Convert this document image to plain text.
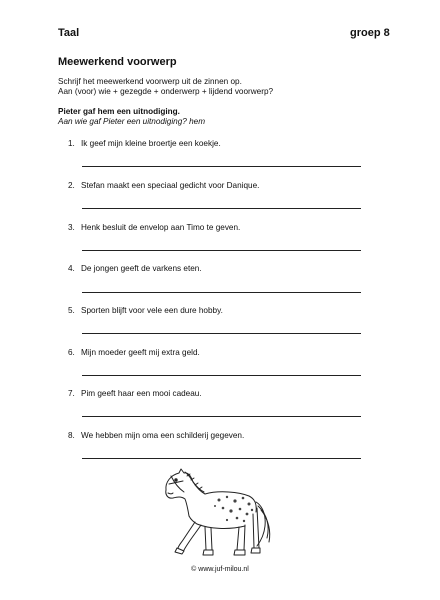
Taal	groep 8
Meewerkend voorwerp
Schrijf het meewerkend voorwerp uit de zinnen op.
Aan (voor) wie + gezegde + onderwerp + lijdend voorwerp?
Pieter gaf hem een uitnodiging.
Aan wie gaf Pieter een uitnodiging? hem
1. Ik geef mijn kleine broertje een koekje.
2. Stefan maakt een speciaal gedicht voor Danique.
3. Henk besluit de envelop aan Timo te geven.
4. De jongen geeft de varkens eten.
5. Sporten blijft voor vele een dure hobby.
6. Mijn moeder geeft mij extra geld.
7. Pim geeft haar een mooi cadeau.
8. We hebben mijn oma een schilderij gegeven.
© www.juf-milou.nl
